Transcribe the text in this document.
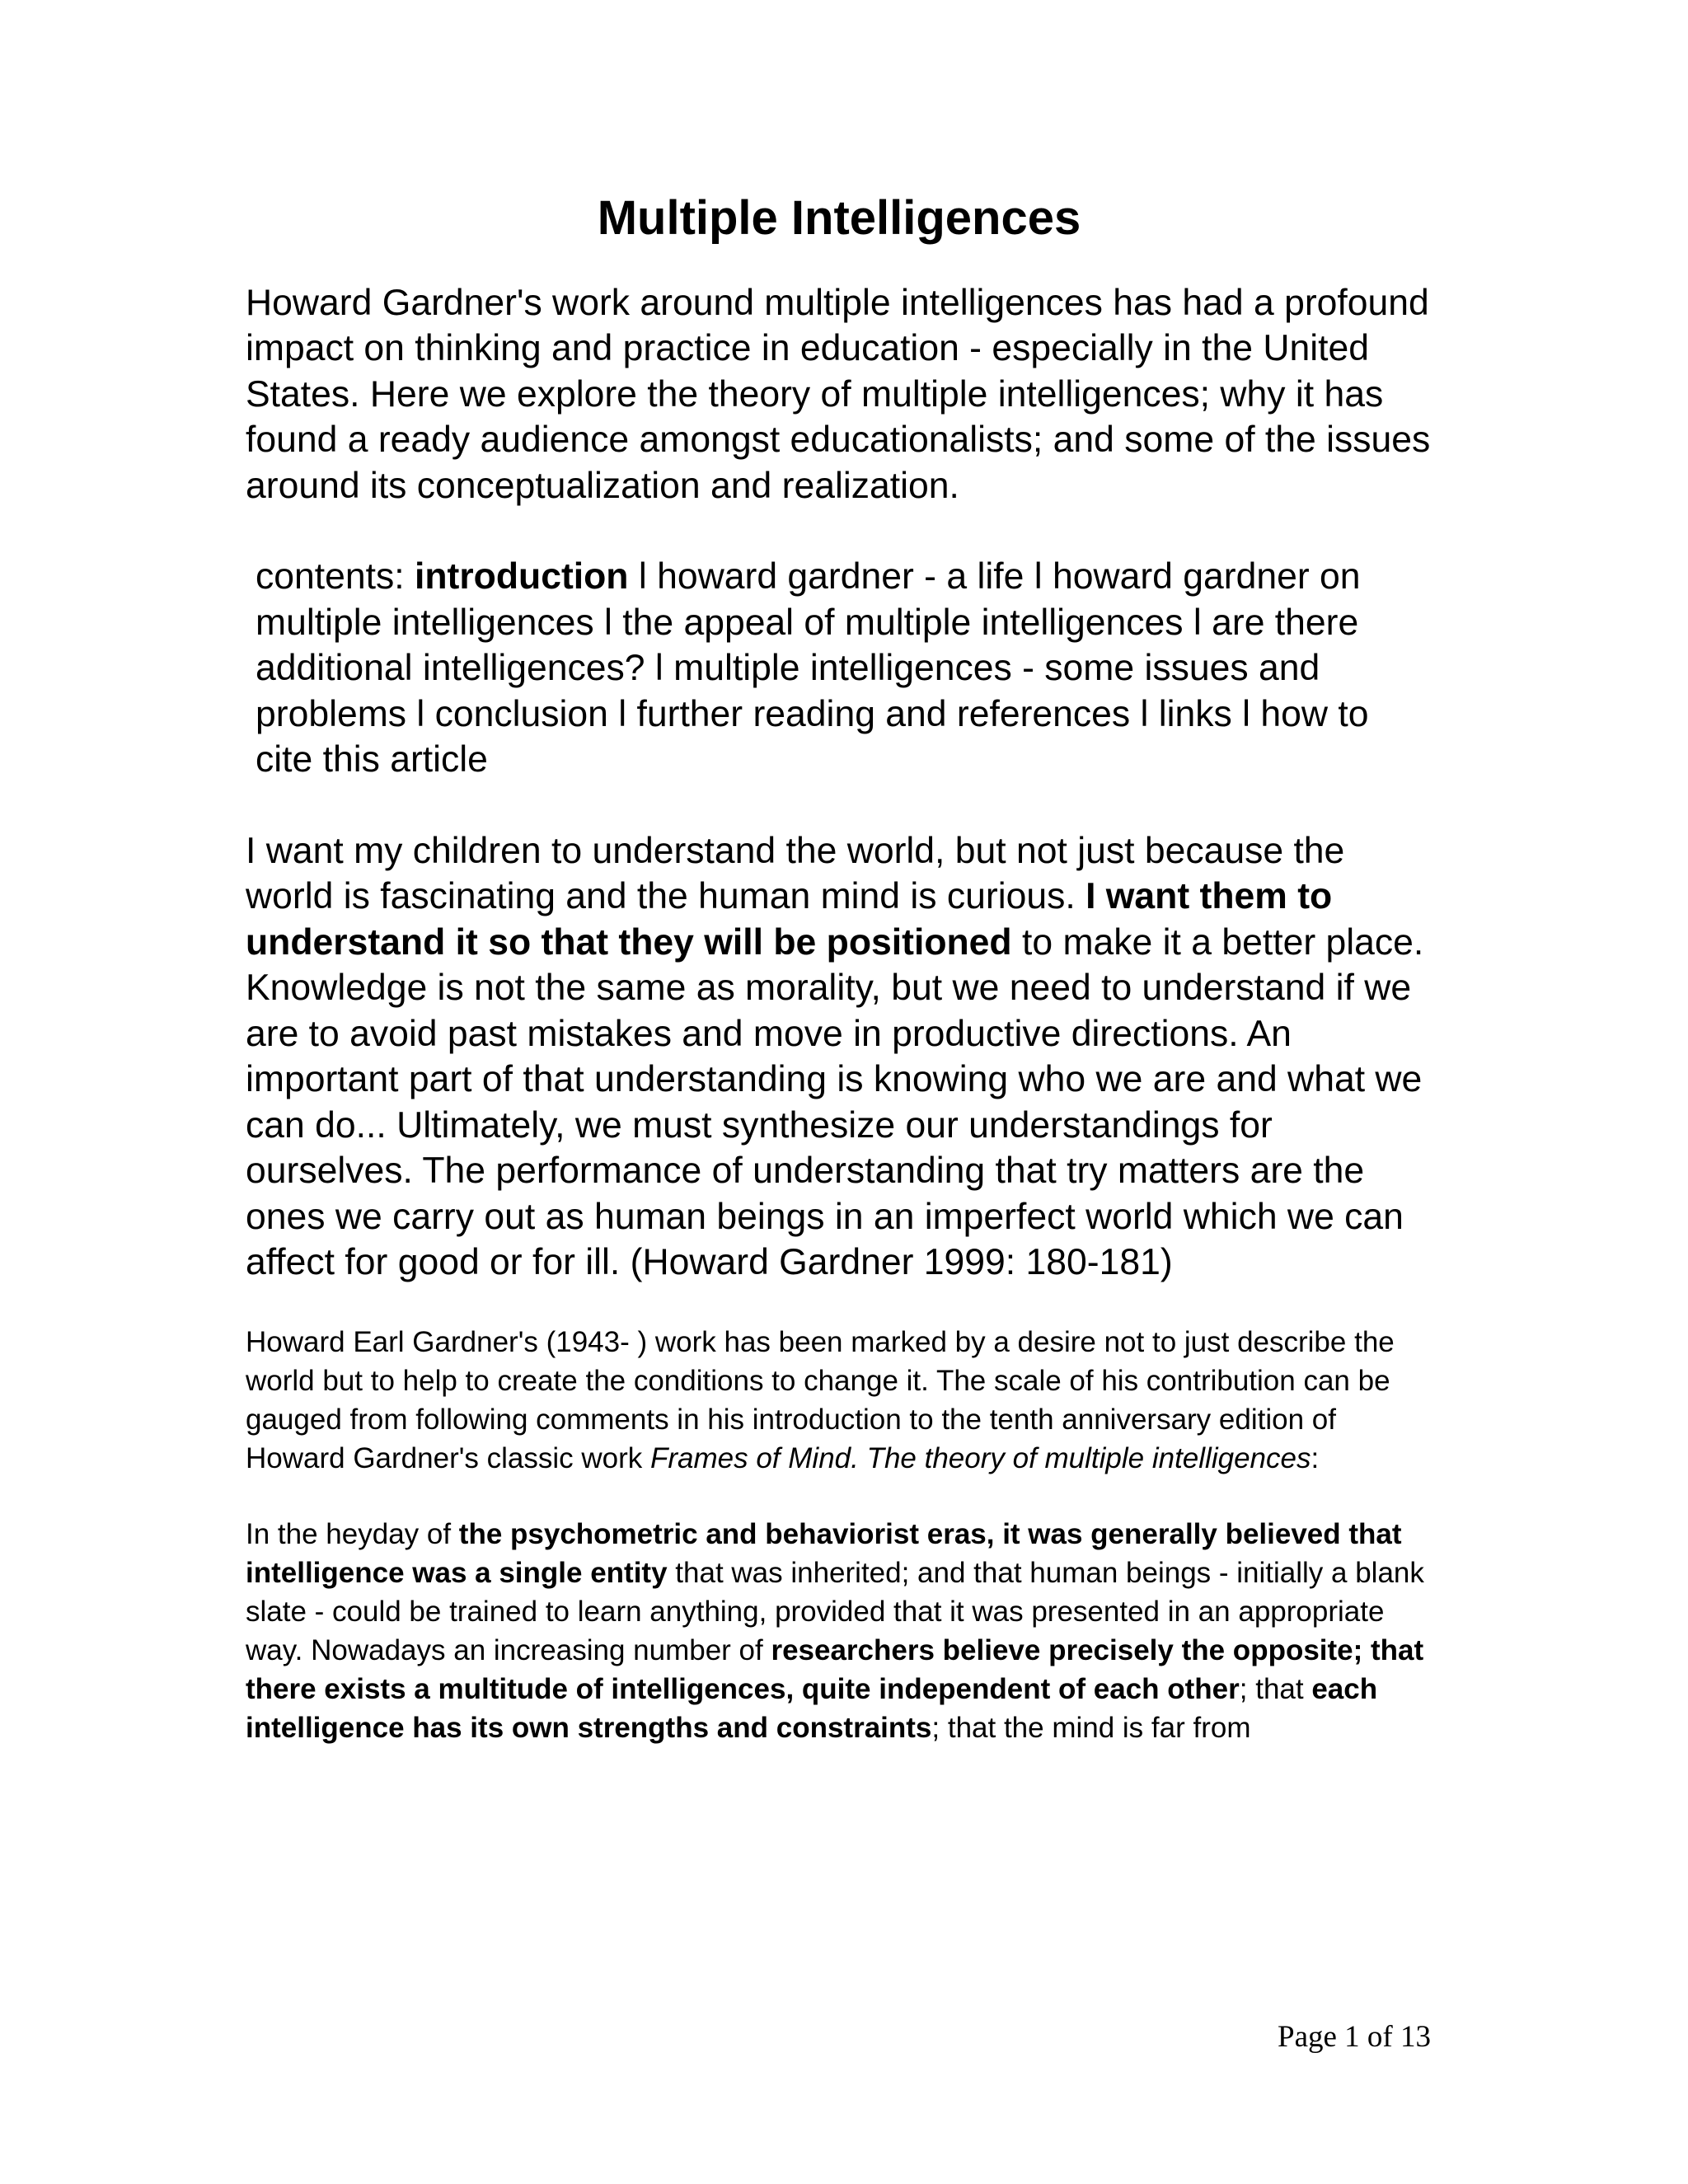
Multiple Intelligences

Howard Gardner's work around multiple intelligences has had a profound impact on thinking and practice in education - especially in the United States. Here we explore the theory of multiple intelligences; why it has found a ready audience amongst educationalists; and some of the issues around its conceptualization and realization.

contents: introduction l howard gardner - a life l howard gardner on multiple intelligences l the appeal of multiple intelligences l are there additional intelligences? l multiple intelligences - some issues and problems l conclusion l further reading and references l links l how to cite this article

I want my children to understand the world, but not just because the world is fascinating and the human mind is curious. I want them to understand it so that they will be positioned to make it a better place. Knowledge is not the same as morality, but we need to understand if we are to avoid past mistakes and move in productive directions. An important part of that understanding is knowing who we are and what we can do... Ultimately, we must synthesize our understandings for ourselves. The performance of understanding that try matters are the ones we carry out as human beings in an imperfect world which we can affect for good or for ill. (Howard Gardner 1999: 180-181)

Howard Earl Gardner's (1943- ) work has been marked by a desire not to just describe the world but to help to create the conditions to change it. The scale of his contribution can be gauged from following comments in his introduction to the tenth anniversary edition of Howard Gardner's classic work Frames of Mind. The theory of multiple intelligences:

In the heyday of the psychometric and behaviorist eras, it was generally believed that intelligence was a single entity that was inherited; and that human beings - initially a blank slate - could be trained to learn anything, provided that it was presented in an appropriate way. Nowadays an increasing number of researchers believe precisely the opposite; that there exists a multitude of intelligences, quite independent of each other; that each intelligence has its own strengths and constraints; that the mind is far from

Page 1 of 13
